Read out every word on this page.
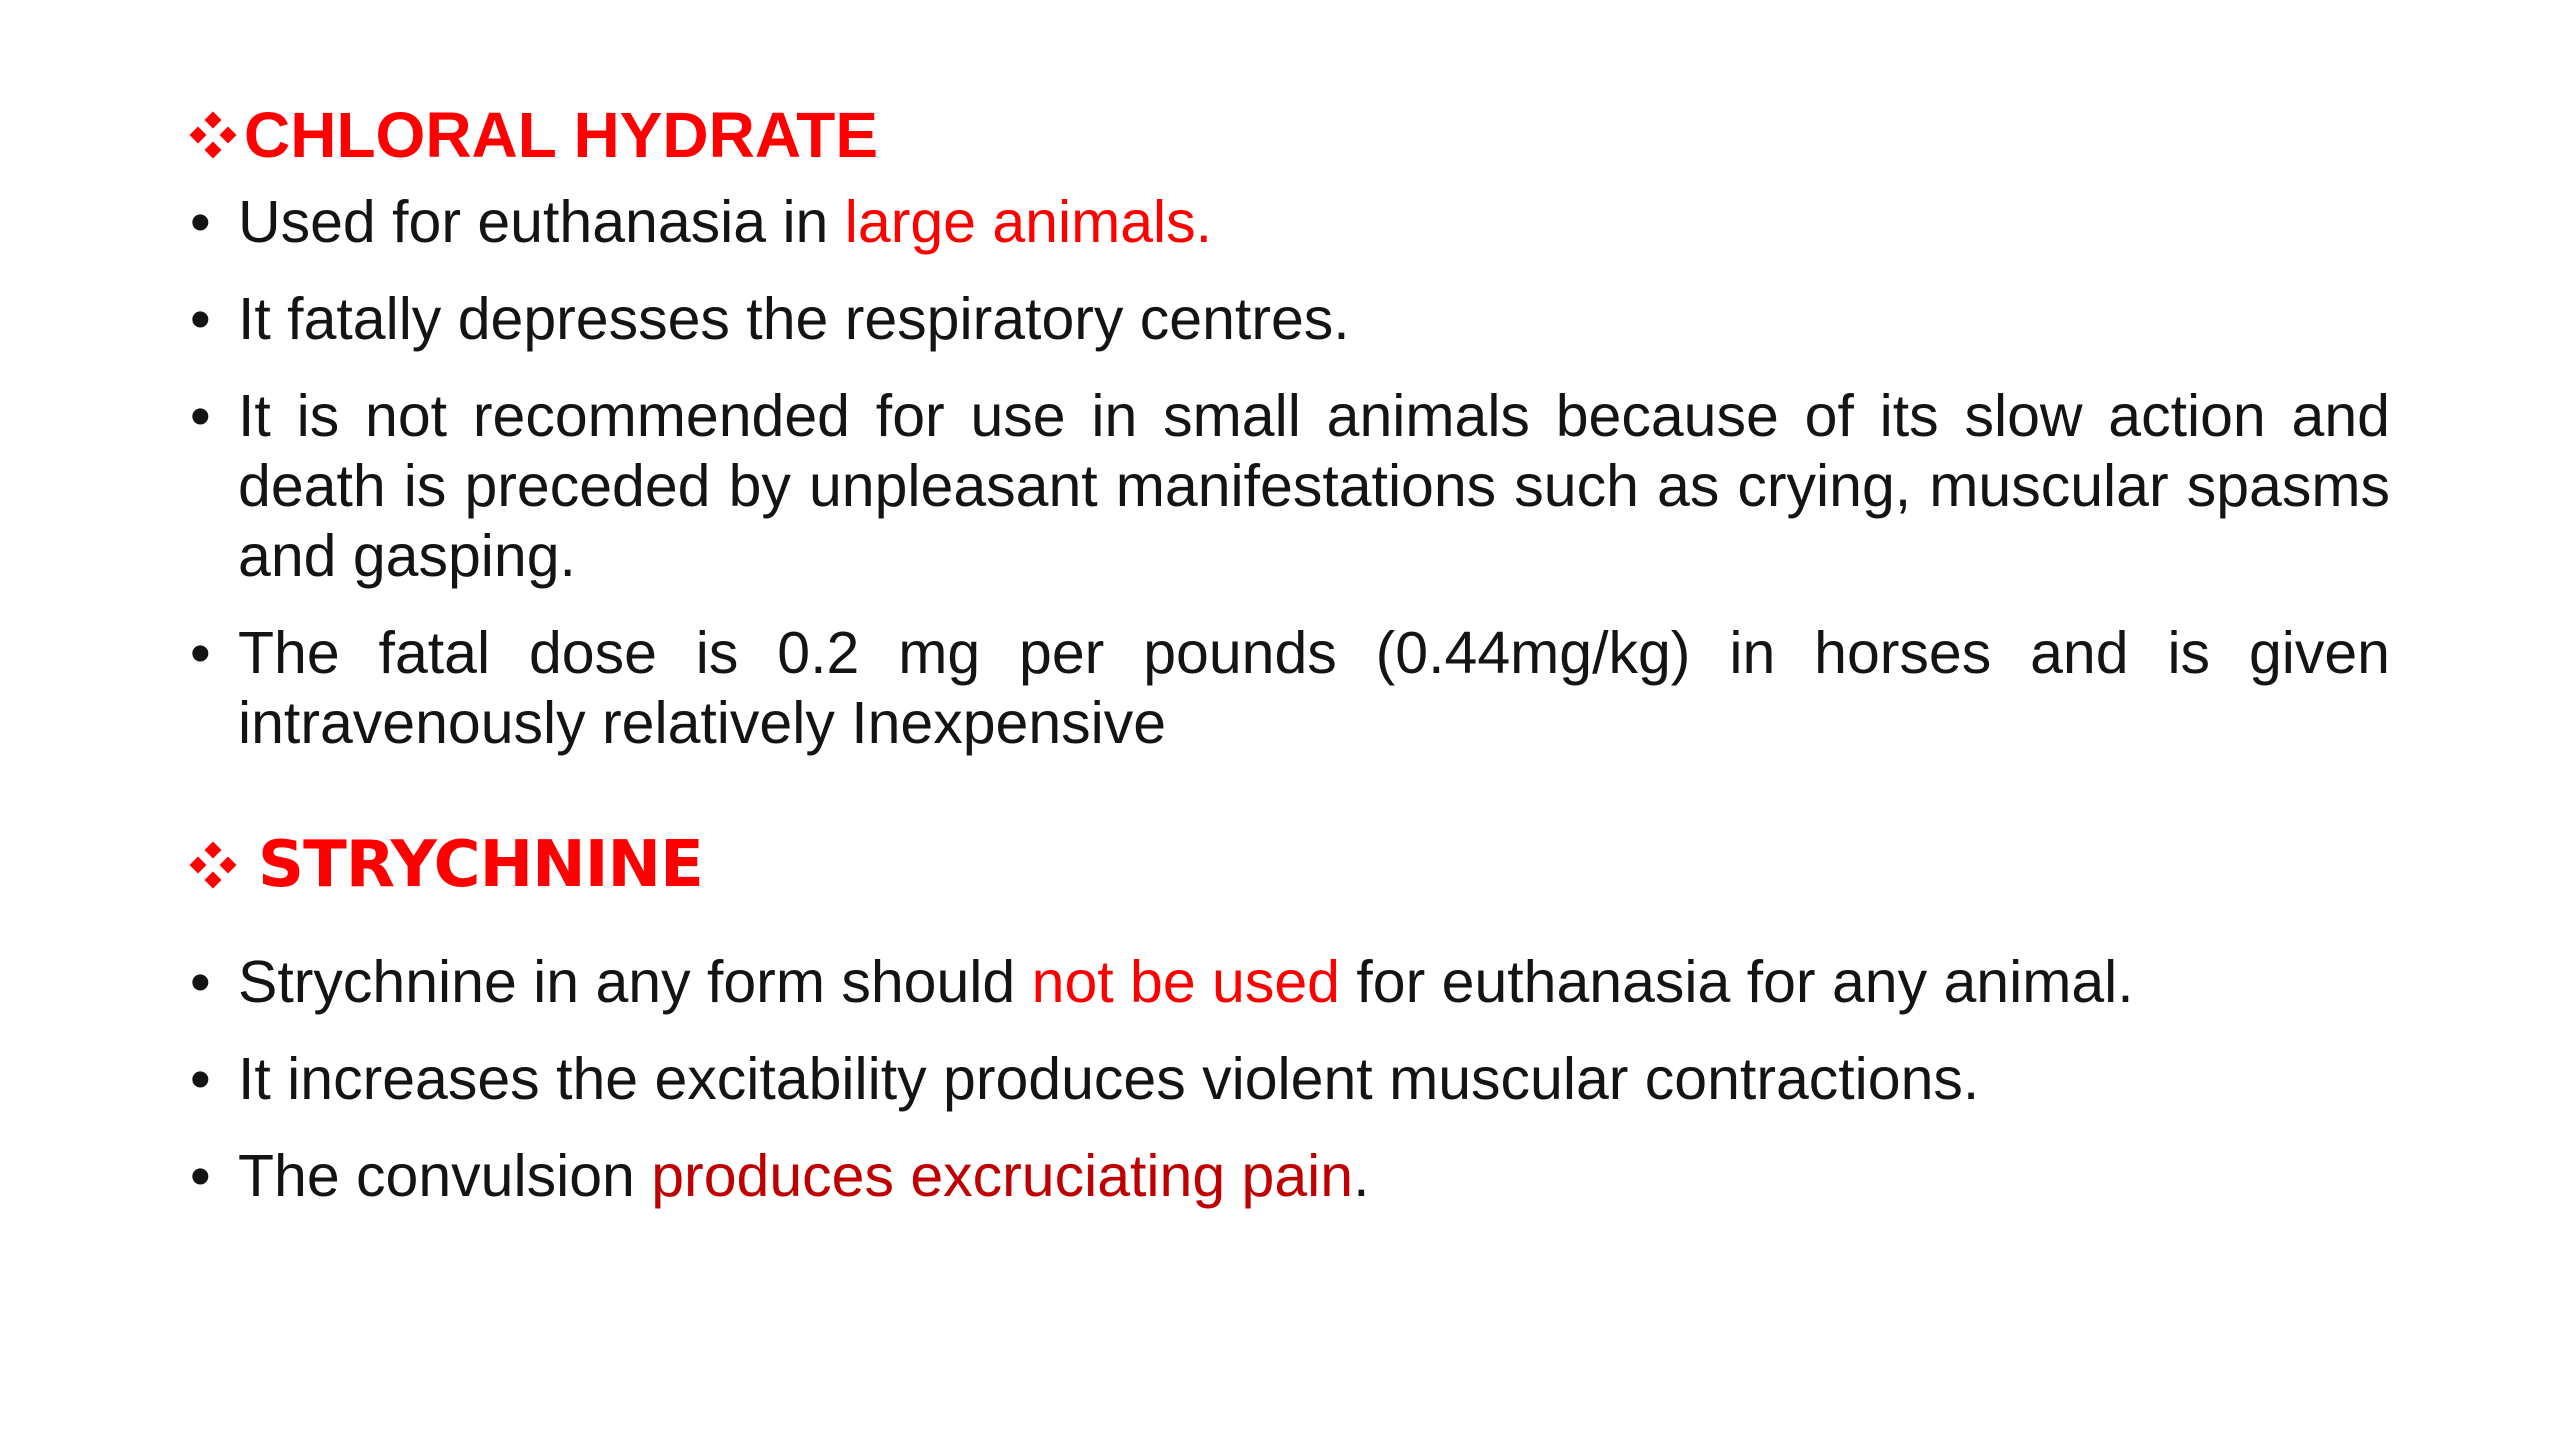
CHLORAL HYDRATE
• Used for euthanasia in large animals.
• It fatally depresses the respiratory centres.
• It is not recommended for use in small animals because of its slow action and death is preceded by unpleasant manifestations such as crying, muscular spasms and gasping.
• The fatal dose is 0.2 mg per pounds (0.44mg/kg) in horses and is given intravenously relatively Inexpensive
STRYCHNINE
• Strychnine in any form should not be used for euthanasia for any animal.
• It increases the excitability produces violent muscular contractions.
• The convulsion produces excruciating pain.
